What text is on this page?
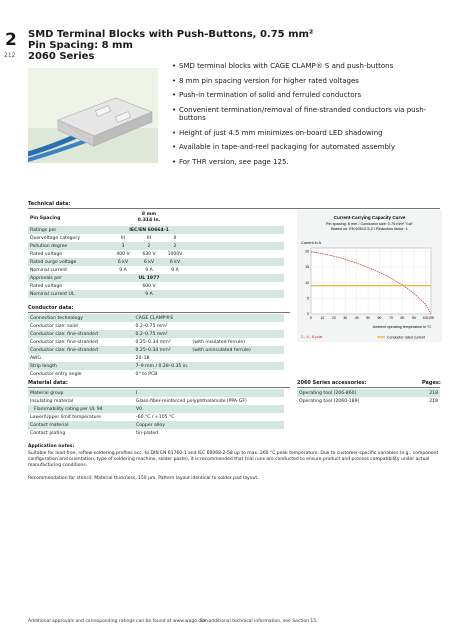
2
212
SMD Terminal Blocks with Push-Buttons, 0.75 mm²
Pin Spacing: 8 mm
2060 Series
• SMD terminal blocks with CAGE CLAMP® S and push-buttons
• 8 mm pin spacing version for higher rated voltages
• Push-in termination of solid and ferruled conductors
• Convenient termination/removal of fine-stranded conductors via push-buttons
• Height of just 4.5 mm minimizes on-board LED shadowing
• Available in tape-and-reel packaging for automated assembly
• For THR version, see page 125.
Technical data:
Pin Spacing	8 mm
0.314 in.			

Ratings per	IEC/EN 60664-1			
Overvoltage category	III	III	II	
Pollution degree	3	2	2	
Rated voltage	400 V	630 V	1000V	
Rated surge voltage	6 kV	6 kV	6 kV	
Nominal current	9 A	9 A	9 A	
Approvals per	UL 1977			
Rated voltage	600 V			
Nominal current UL	9 A			
Current-Carrying Capacity Curve
Pin spacing: 8 mm / Conductor size: 0.75 mm² "f-st"
Based on: EN 60512-5-2 / Reduction factor: 1
Current in A
0	10 20 30 40 50 60 70 80 90 100 105
0
5
10
15
20
Ambient operating temperature in °C
2-, 4-, 8-pole	Conductor rated current
Conductor data:
Connection technology	CAGE CLAMP®S	
Conductor size: solid	0.2–0.75 mm²	
Conductor size: fine-stranded	0.2–0.75 mm²	
Conductor size: fine-stranded	0.25–0.34 mm²	(with insulated ferrule)
Conductor size: fine-stranded	0.25–0.34 mm²	(with uninsulated ferrule)
AWG	24–18	
Strip length	7–9 mm / 0.28–0.35 in.	
Conductor entry angle	0° to PCB	
Material data:
Material group	I
Insulating material	Glass-fiber-reinforced polyphthalamide (PPA-GF)
Flammability rating per UL 94	V0
Lower/Upper limit temperature	-60 °C / +105 °C
Contact material	Copper alloy
Contact plating	tin-plated
2060 Series accessories:	Pages:
Operating tool (206-860)	218
Operating tool (2060-189)	218
Application notes:
Suitable for lead-free, reflow-soldering profiles acc. to DIN EN 61760-1 and IEC 60068-2-58 up to max. 260 °C peak temperature. Due to customer-specific variables (e.g., component configuration and orientation, type of soldering machine, solder paste), it is recommended that trial runs are conducted to ensure product and process compatibility under actual manufacturing conditions.
Recommendation for stencil: Material thickness, 150 µm. Pattern layout identical to solder pad layout.
Additional approvals and corresponding ratings can be found at www.wago.com.
For additional technical information, see Section 15.
